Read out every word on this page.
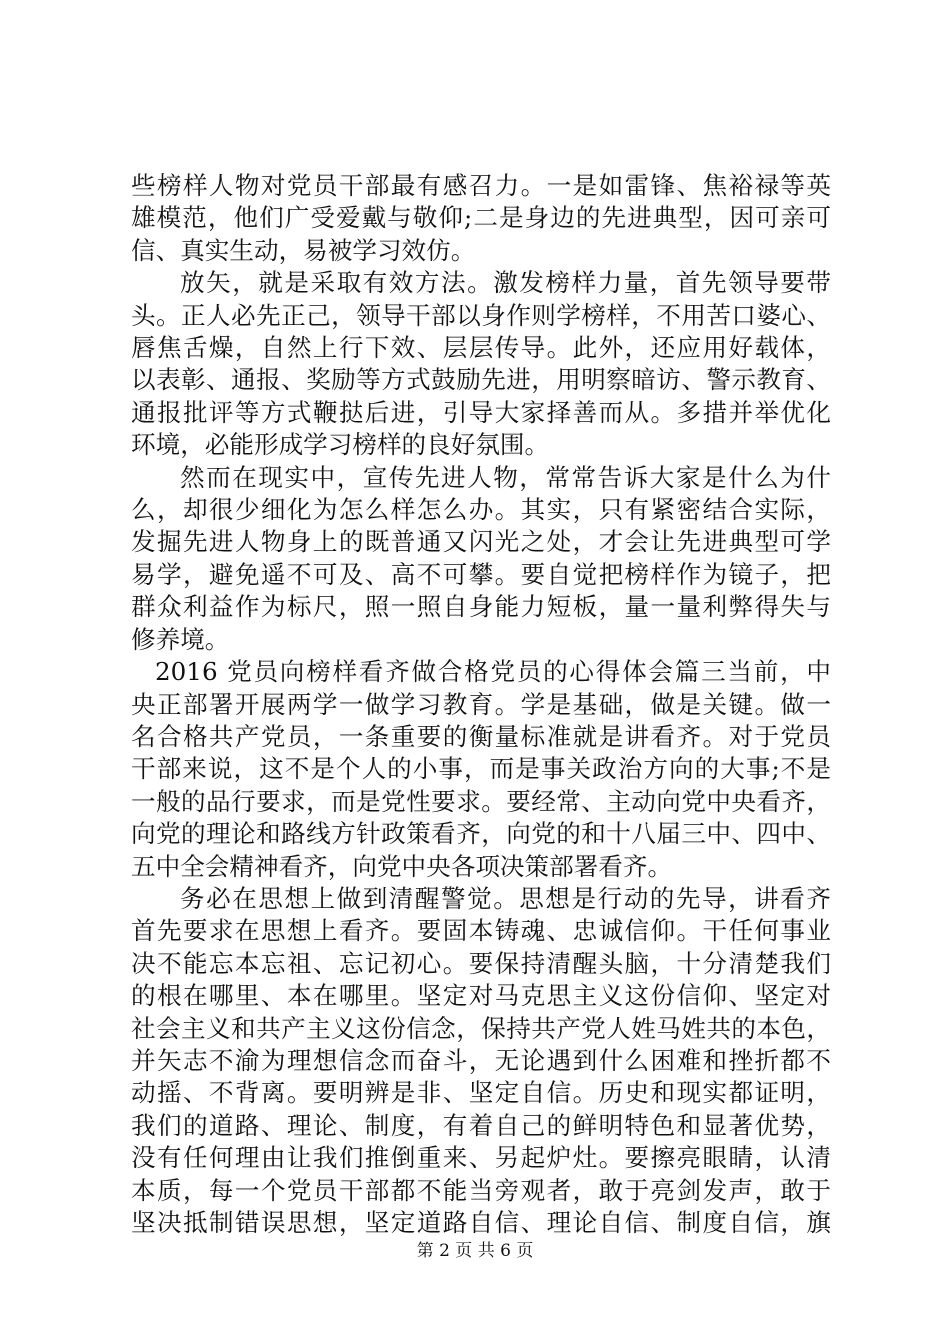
些榜样人物对党员干部最有感召力。一是如雷锋、焦裕禄等英
雄模范，他们广受爱戴与敬仰;二是身边的先进典型，因可亲可
信、真实生动，易被学习效仿。
放矢，就是采取有效方法。激发榜样力量，首先领导要带
头。正人必先正己，领导干部以身作则学榜样，不用苦口婆心、
唇焦舌燥，自然上行下效、层层传导。此外，还应用好载体，
以表彰、通报、奖励等方式鼓励先进，用明察暗访、警示教育、
通报批评等方式鞭挞后进，引导大家择善而从。多措并举优化
环境，必能形成学习榜样的良好氛围。
然而在现实中，宣传先进人物，常常告诉大家是什么为什
么，却很少细化为怎么样怎么办。其实，只有紧密结合实际，
发掘先进人物身上的既普通又闪光之处，才会让先进典型可学
易学，避免遥不可及、高不可攀。要自觉把榜样作为镜子，把
群众利益作为标尺，照一照自身能力短板，量一量利弊得失与
修养境。
2016 党员向榜样看齐做合格党员的心得体会篇三当前，中
央正部署开展两学一做学习教育。学是基础，做是关键。做一
名合格共产党员，一条重要的衡量标准就是讲看齐。对于党员
干部来说，这不是个人的小事，而是事关政治方向的大事;不是
一般的品行要求，而是党性要求。要经常、主动向党中央看齐，
向党的理论和路线方针政策看齐，向党的和十八届三中、四中、
五中全会精神看齐，向党中央各项决策部署看齐。
务必在思想上做到清醒警觉。思想是行动的先导，讲看齐
首先要求在思想上看齐。要固本铸魂、忠诚信仰。干任何事业
决不能忘本忘祖、忘记初心。要保持清醒头脑，十分清楚我们
的根在哪里、本在哪里。坚定对马克思主义这份信仰、坚定对
社会主义和共产主义这份信念，保持共产党人姓马姓共的本色，
并矢志不渝为理想信念而奋斗，无论遇到什么困难和挫折都不
动摇、不背离。要明辨是非、坚定自信。历史和现实都证明，
我们的道路、理论、制度，有着自己的鲜明特色和显著优势，
没有任何理由让我们推倒重来、另起炉灶。要擦亮眼睛，认清
本质，每一个党员干部都不能当旁观者，敢于亮剑发声，敢于
坚决抵制错误思想，坚定道路自信、理论自信、制度自信，旗
第 2 页 共 6 页
